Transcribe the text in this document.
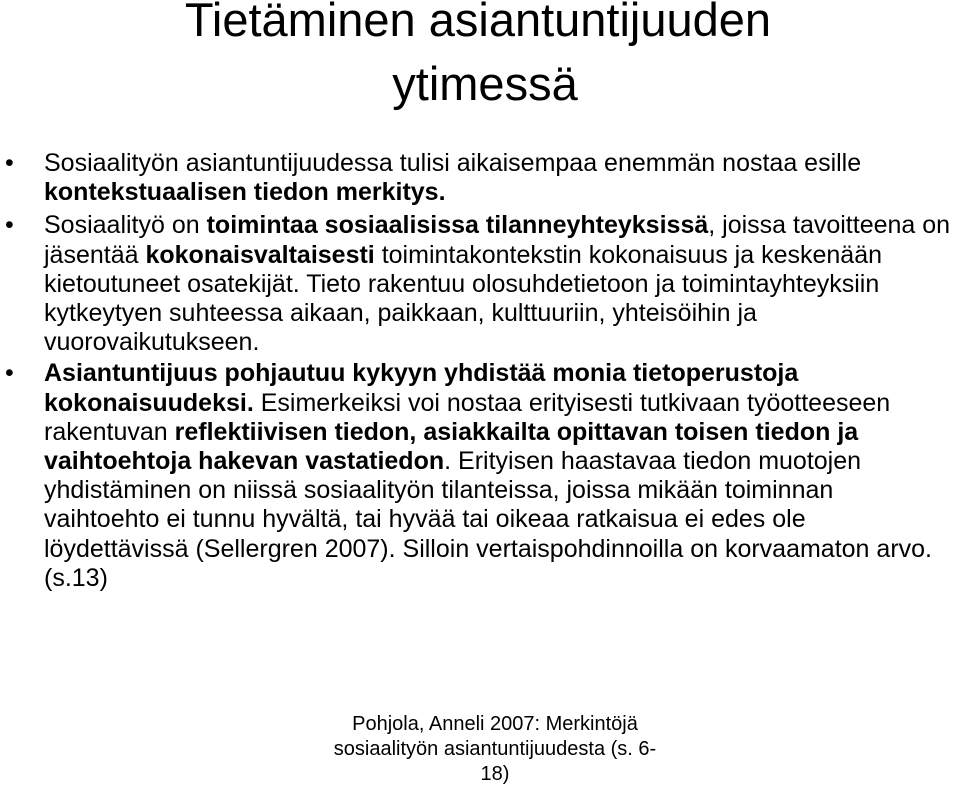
Tietäminen asiantuntijuuden
ytimessä
• Sosiaalityön asiantuntijuudessa tulisi aikaisempaa enemmän nostaa esille kontekstuaalisen tiedon merkitys.
• Sosiaalityö on toimintaa sosiaalisissa tilanneyhteyksissä, joissa tavoitteena on jäsentää kokonaisvaltaisesti toimintakontekstin kokonaisuus ja keskenään kietoutuneet osatekijät. Tieto rakentuu olosuhdetietoon ja toimintayhteyksiin kytkeytyen suhteessa aikaan, paikkaan, kulttuuriin, yhteisöihin ja vuorovaikutukseen.
• Asiantuntijuus pohjautuu kykyyn yhdistää monia tietoperustoja kokonaisuudeksi. Esimerkeiksi voi nostaa erityisesti tutkivaan työotteeseen rakentuvan reflektiivisen tiedon, asiakkailta opittavan toisen tiedon ja vaihtoehtoja hakevan vastatiedon. Erityisen haastavaa tiedon muotojen yhdistäminen on niissä sosiaalityön tilanteissa, joissa mikään toiminnan vaihtoehto ei tunnu hyvältä, tai hyvää tai oikeaa ratkaisua ei edes ole löydettävissä (Sellergren 2007). Silloin vertaispohdinnoilla on korvaamaton arvo. (s.13)
Pohjola, Anneli 2007: Merkintöjä sosiaalityön asiantuntijuudesta (s. 6-18)
